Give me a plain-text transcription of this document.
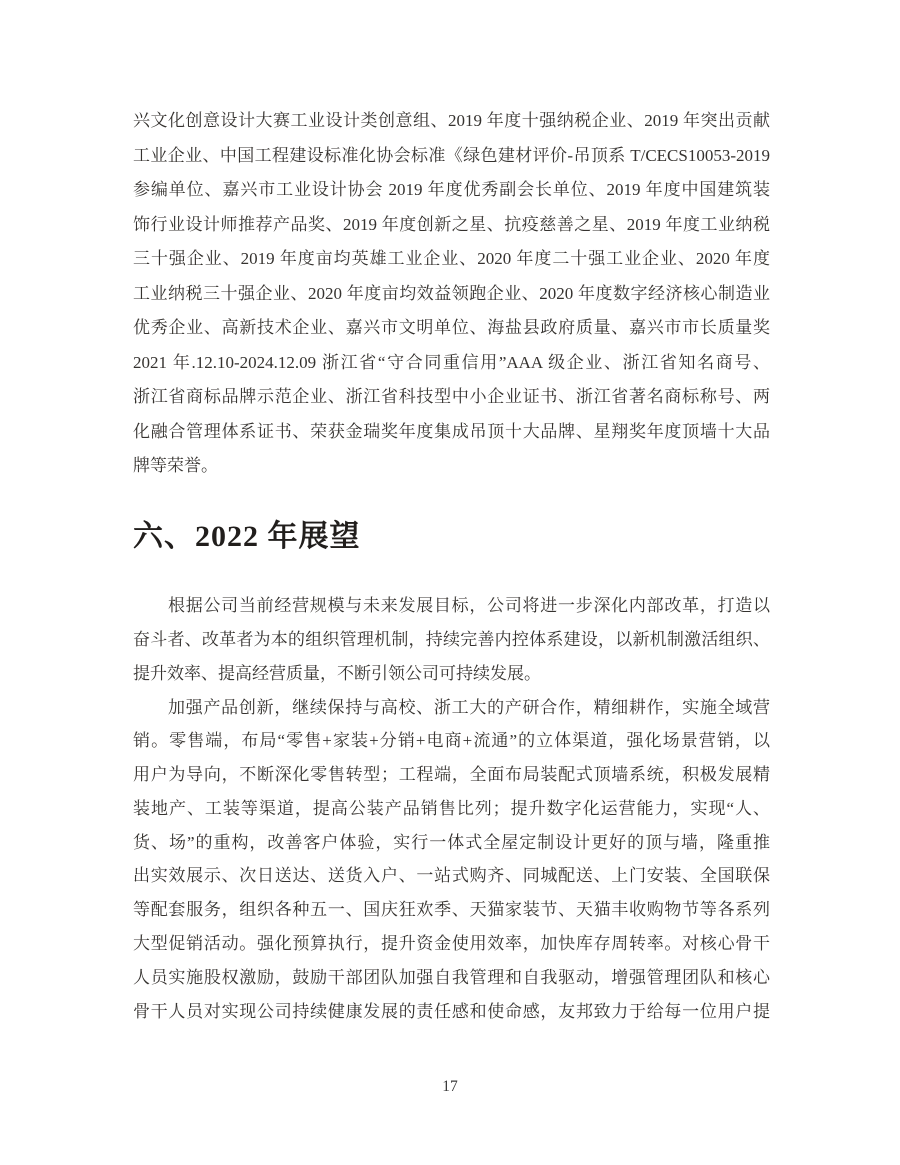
兴文化创意设计大赛工业设计类创意组、2019 年度十强纳税企业、2019 年突出贡献
工业企业、中国工程建设标准化协会标准《绿色建材评价-吊顶系 T/CECS10053-2019
参编单位、嘉兴市工业设计协会 2019 年度优秀副会长单位、2019 年度中国建筑装
饰行业设计师推荐产品奖、2019 年度创新之星、抗疫慈善之星、2019 年度工业纳税
三十强企业、2019 年度亩均英雄工业企业、2020 年度二十强工业企业、2020 年度
工业纳税三十强企业、2020 年度亩均效益领跑企业、2020 年度数字经济核心制造业
优秀企业、高新技术企业、嘉兴市文明单位、海盐县政府质量、嘉兴市市长质量奖
2021 年.12.10-2024.12.09 浙江省“守合同重信用”AAA 级企业、浙江省知名商号、
浙江省商标品牌示范企业、浙江省科技型中小企业证书、浙江省著名商标称号、两
化融合管理体系证书、荣获金瑞奖年度集成吊顶十大品牌、星翔奖年度顶墙十大品
牌等荣誉。
六、2022 年展望
根据公司当前经营规模与未来发展目标，公司将进一步深化内部改革，打造以
奋斗者、改革者为本的组织管理机制，持续完善内控体系建设，以新机制激活组织、
提升效率、提高经营质量，不断引领公司可持续发展。
加强产品创新，继续保持与高校、浙工大的产研合作，精细耕作，实施全域营
销。零售端，布局“零售+家装+分销+电商+流通”的立体渠道，强化场景营销，以
用户为导向，不断深化零售转型；工程端，全面布局装配式顶墙系统，积极发展精
装地产、工装等渠道，提高公装产品销售比列；提升数字化运营能力，实现“人、
货、场”的重构，改善客户体验，实行一体式全屋定制设计更好的顶与墙，隆重推
出实效展示、次日送达、送货入户、一站式购齐、同城配送、上门安装、全国联保
等配套服务，组织各种五一、国庆狂欢季、天猫家装节、天猫丰收购物节等各系列
大型促销活动。强化预算执行，提升资金使用效率，加快库存周转率。对核心骨干
人员实施股权激励，鼓励干部团队加强自我管理和自我驱动，增强管理团队和核心
骨干人员对实现公司持续健康发展的责任感和使命感，友邦致力于给每一位用户提
17
